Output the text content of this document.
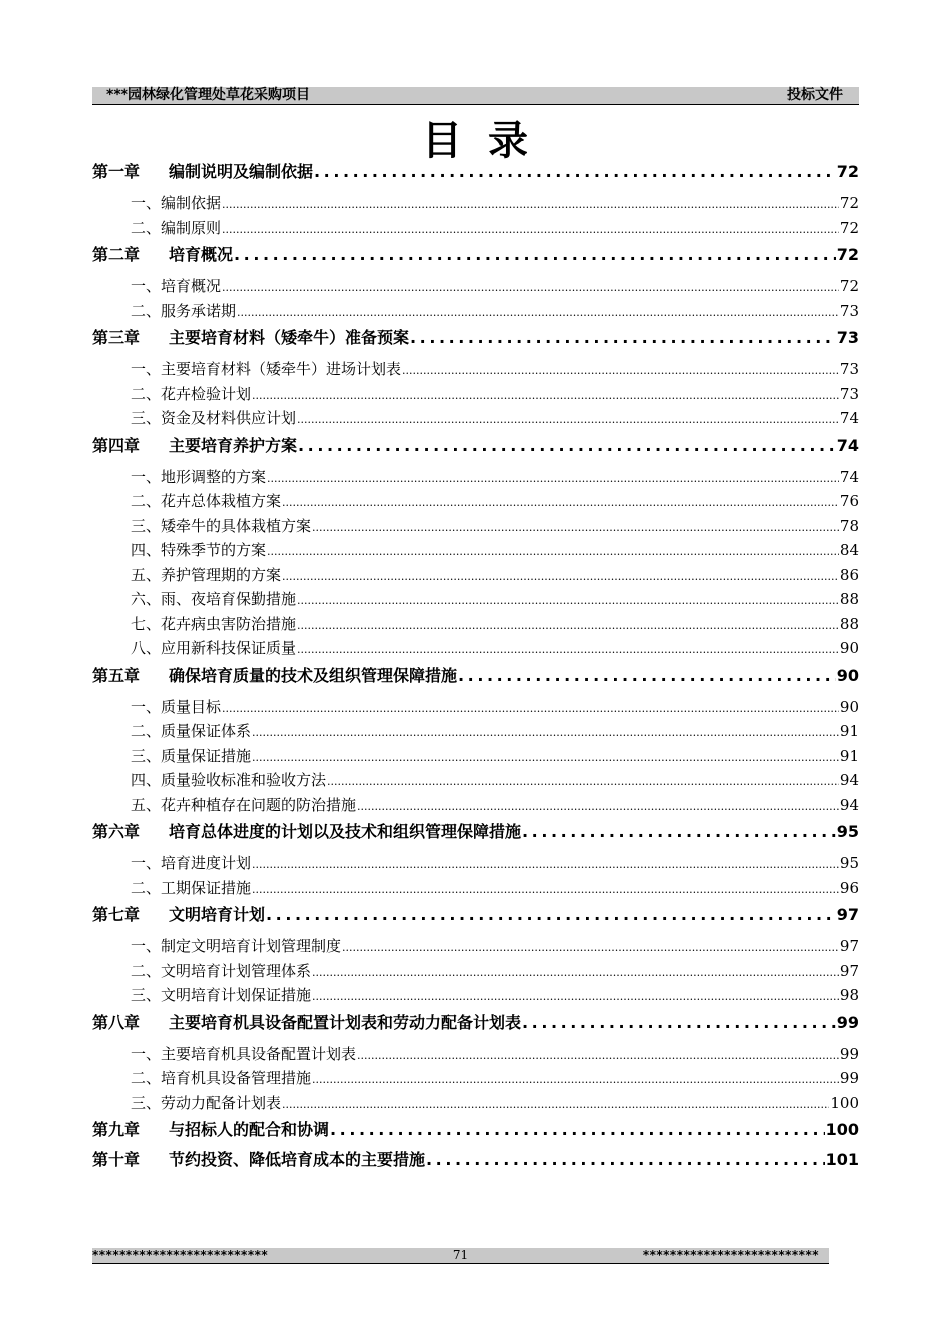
***园林绿化管理处草花采购项目	投标文件
目录
第一章	编制说明及编制依据 . . .	72
一、 编制依据 .....	72
二、 编制原则 .....	72
第二章	培育概况 . . .	72
一、 培育概况 .....	72
二、 服务承诺期 .....	73
第三章	主要培育材料（矮牵牛）准备预案 . . .	73
一、 主要培育材料（矮牵牛）进场计划表 .....	73
二、 花卉检验计划 .....	73
三、 资金及材料供应计划 .....	74
第四章	主要培育养护方案 . . .	74
一、 地形调整的方案 .....	74
二、 花卉总体栽植方案 .....	76
三、 矮牵牛的具体栽植方案 .....	78
四、 特殊季节的方案 .....	84
五、 养护管理期的方案 .....	86
六、 雨、夜培育保勤措施 .....	88
七、 花卉病虫害防治措施 .....	88
八、 应用新科技保证质量 .....	90
第五章	确保培育质量的技术及组织管理保障措施 . . .	90
一、 质量目标 .....	90
二、 质量保证体系 .....	91
三、 质量保证措施 .....	91
四、 质量验收标准和验收方法 .....	94
五、 花卉种植存在问题的防治措施 .....	94
第六章	培育总体进度的计划以及技术和组织管理保障措施 . . .	95
一、 培育进度计划 .....	95
二、 工期保证措施 .....	96
第七章	文明培育计划 . . .	97
一、 制定文明培育计划管理制度 .....	97
二、 文明培育计划管理体系 .....	97
三、 文明培育计划保证措施 .....	98
第八章	主要培育机具设备配置计划表和劳动力配备计划表 . . .	99
一、 主要培育机具设备配置计划表 .....	99
二、 培育机具设备管理措施 .....	99
三、 劳动力配备计划表 .....	100
第九章	与招标人的配合和协调 . . .	100
第十章	节约投资、降低培育成本的主要措施 . . .	101
**************************	71	**************************
